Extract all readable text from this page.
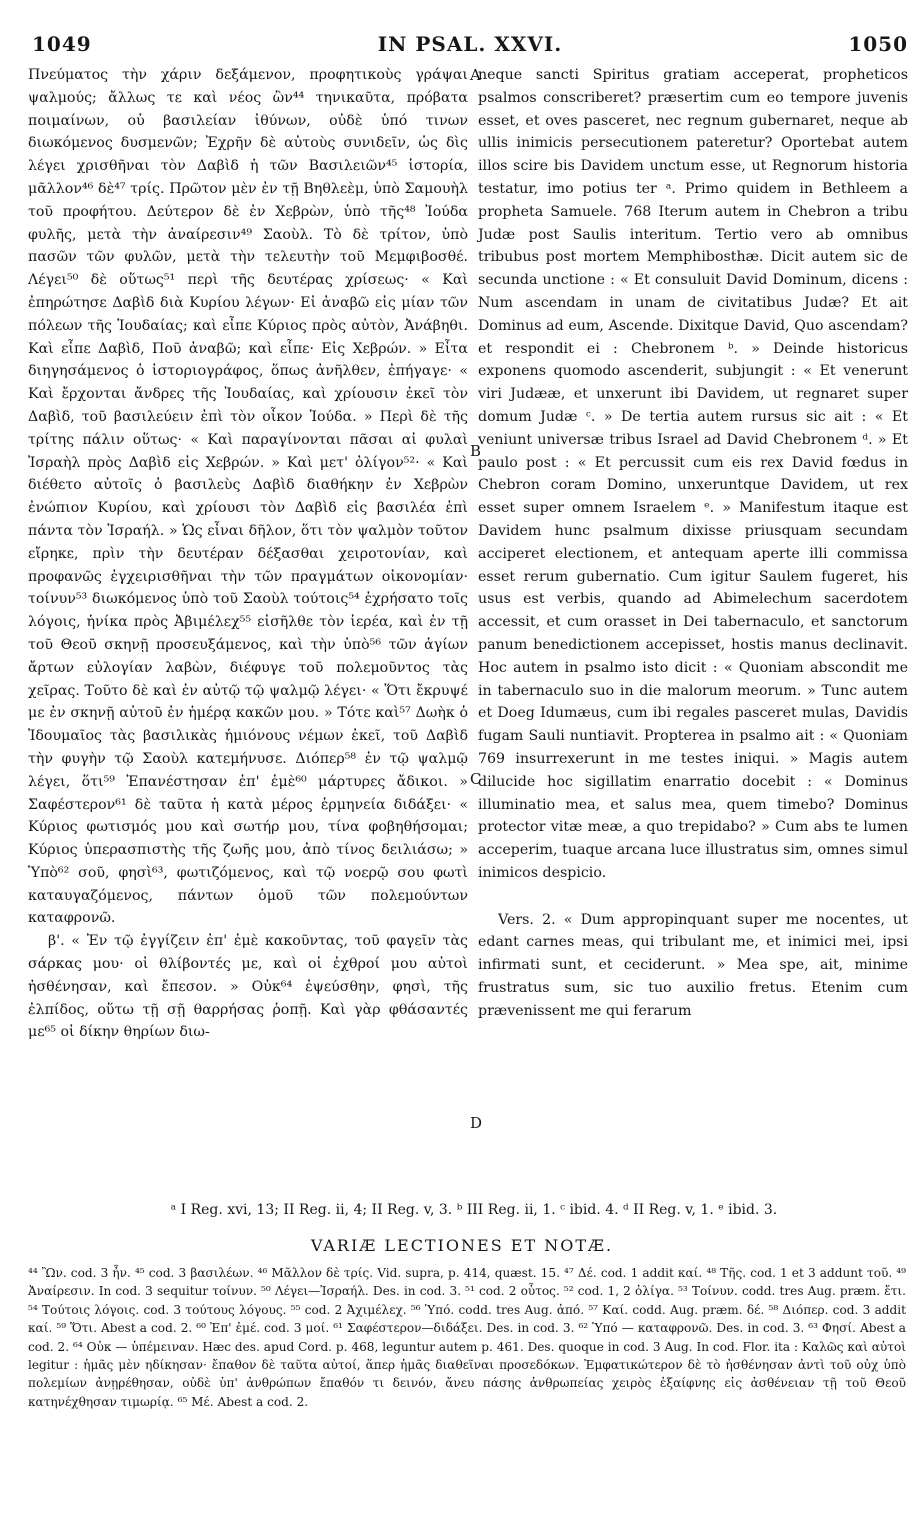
1049	IN PSAL. XXVI.	1050

Πνεύματος τὴν χάριν δεξάμενον, προφητικοὺς γράψαι ψαλμούς; ἄλλως τε καὶ νέος ὢν⁴⁴ τηνικαῦτα, πρόβατα ποιμαίνων, οὐ βασιλείαν ἰθύνων, οὐδὲ ὑπό τινων διωκόμενος δυσμενῶν; Ἐχρῆν δὲ αὐτοὺς συνιδεῖν, ὡς δὶς λέγει χρισθῆναι τὸν Δαβὶδ ἡ τῶν Βασιλειῶν⁴⁵ ἱστορία, μᾶλλον⁴⁶ δὲ⁴⁷ τρίς. Πρῶτον μὲν ἐν τῇ Βηθλεὲμ, ὑπὸ Σαμουὴλ τοῦ προφήτου. Δεύτερον δὲ ἐν Χεβρὼν, ὑπὸ τῆς⁴⁸ Ἰούδα φυλῆς, μετὰ τὴν ἀναίρεσιν⁴⁹ Σαοὺλ. Τὸ δὲ τρίτον, ὑπὸ πασῶν τῶν φυλῶν, μετὰ τὴν τελευτὴν τοῦ Μεμφιβοσθέ. Λέγει⁵⁰ δὲ οὕτως⁵¹ περὶ τῆς δευτέρας χρίσεως· « Καὶ ἐπηρώτησε Δαβὶδ διὰ Κυρίου λέγων· Εἰ ἀναβῶ εἰς μίαν τῶν πόλεων τῆς Ἰουδαίας; καὶ εἶπε Κύριος πρὸς αὐτὸν, Ἀνάβηθι. Καὶ εἶπε Δαβὶδ, Ποῦ ἀναβῶ; καὶ εἶπε· Εἰς Χεβρών. » Εἶτα διηγησάμενος ὁ ἱστοριογράφος, ὅπως ἀνῆλθεν, ἐπήγαγε· « Καὶ ἔρχονται ἄνδρες τῆς Ἰουδαίας, καὶ χρίουσιν ἐκεῖ τὸν Δαβὶδ, τοῦ βασιλεύειν ἐπὶ τὸν οἶκον Ἰούδα. » Περὶ δὲ τῆς τρίτης πάλιν οὕτως· « Καὶ παραγίνονται πᾶσαι αἱ φυλαὶ Ἰσραὴλ πρὸς Δαβὶδ εἰς Χεβρών. » Καὶ μετ' ὀλίγον⁵²· « Καὶ διέθετο αὐτοῖς ὁ βασιλεὺς Δαβὶδ διαθήκην ἐν Χεβρὼν ἐνώπιον Κυρίου, καὶ χρίουσι τὸν Δαβὶδ εἰς βασιλέα ἐπὶ πάντα τὸν Ἰσραήλ. » Ὡς εἶναι δῆλον, ὅτι τὸν ψαλμὸν τοῦτον εἴρηκε, πρὶν τὴν δευτέραν δέξασθαι χειροτονίαν, καὶ προφανῶς ἐγχειρισθῆναι τὴν τῶν πραγμάτων οἰκονομίαν· τοίνυν⁵³ διωκόμενος ὑπὸ τοῦ Σαοὺλ τούτοις⁵⁴ ἐχρήσατο τοῖς λόγοις, ἡνίκα πρὸς Ἀβιμέλεχ⁵⁵ εἰσῆλθε τὸν ἱερέα, καὶ ἐν τῇ τοῦ Θεοῦ σκηνῇ προσευξάμενος, καὶ τὴν ὑπὸ⁵⁶ τῶν ἁγίων ἄρτων εὐλογίαν λαβὼν, διέφυγε τοῦ πολεμοῦντος τὰς χεῖρας. Τοῦτο δὲ καὶ ἐν αὐτῷ τῷ ψαλμῷ λέγει· « Ὅτι ἔκρυψέ με ἐν σκηνῇ αὐτοῦ ἐν ἡμέρᾳ κακῶν μου. » Τότε καὶ⁵⁷ Δωὴκ ὁ Ἰδουμαῖος τὰς βασιλικὰς ἡμιόνους νέμων ἐκεῖ, τοῦ Δαβὶδ τὴν φυγὴν τῷ Σαοὺλ κατεμήνυσε. Διόπερ⁵⁸ ἐν τῷ ψαλμῷ λέγει, ὅτι⁵⁹ Ἐπανέστησαν ἐπ' ἐμὲ⁶⁰ μάρτυρες ἄδικοι. » Σαφέστερον⁶¹ δὲ ταῦτα ἡ κατὰ μέρος ἑρμηνεία διδάξει· « Κύριος φωτισμός μου καὶ σωτήρ μου, τίνα φοβηθήσομαι; Κύριος ὑπερασπιστὴς τῆς ζωῆς μου, ἀπὸ τίνος δειλιάσω; » Ὑπὸ⁶² σοῦ, φησὶ⁶³, φωτιζόμενος, καὶ τῷ νοερῷ σου φωτὶ καταυγαζόμενος, πάντων ὁμοῦ τῶν πολεμούντων καταφρονῶ.

β'. « Ἐν τῷ ἐγγίζειν ἐπ' ἐμὲ κακοῦντας, τοῦ φαγεῖν τὰς σάρκας μου· οἱ θλίβοντές με, καὶ οἱ ἐχθροί μου αὐτοὶ ἠσθένησαν, καὶ ἔπεσον. » Οὐκ⁶⁴ ἐψεύσθην, φησὶ, τῆς ἐλπίδος, οὕτω τῇ σῇ θαρρήσας ῥοπῇ. Καὶ γὰρ φθάσαντές με⁶⁵ οἱ δίκην θηρίων διω-

A
B
C
D

neque sancti Spiritus gratiam acceperat, propheticos psalmos conscriberet? præsertim cum eo tempore juvenis esset, et oves pasceret, nec regnum gubernaret, neque ab ullis inimicis persecutionem pateretur? Oportebat autem illos scire bis Davidem unctum esse, ut Regnorum historia testatur, imo potius ter ᵃ. Primo quidem in Bethleem a propheta Samuele. 768 Iterum autem in Chebron a tribu Judæ post Saulis interitum. Tertio vero ab omnibus tribubus post mortem Memphibosthæ. Dicit autem sic de secunda unctione : « Et consuluit David Dominum, dicens : Num ascendam in unam de civitatibus Judæ? Et ait Dominus ad eum, Ascende. Dixitque David, Quo ascendam? et respondit ei : Chebronem ᵇ. » Deinde historicus exponens quomodo ascenderit, subjungit : « Et venerunt viri Judææ, et unxerunt ibi Davidem, ut regnaret super domum Judæ ᶜ. » De tertia autem rursus sic ait : « Et veniunt universæ tribus Israel ad David Chebronem ᵈ. » Et paulo post : « Et percussit cum eis rex David fœdus in Chebron coram Domino, unxeruntque Davidem, ut rex esset super omnem Israelem ᵉ. » Manifestum itaque est Davidem hunc psalmum dixisse priusquam secundam acciperet electionem, et antequam aperte illi commissa esset rerum gubernatio. Cum igitur Saulem fugeret, his usus est verbis, quando ad Abimelechum sacerdotem accessit, et cum orasset in Dei tabernaculo, et sanctorum panum benedictionem accepisset, hostis manus declinavit. Hoc autem in psalmo isto dicit : « Quoniam abscondit me in tabernaculo suo in die malorum meorum. » Tunc autem et Doeg Idumæus, cum ibi regales pasceret mulas, Davidis fugam Sauli nuntiavit. Propterea in psalmo ait : « Quoniam 769 insurrexerunt in me testes iniqui. » Magis autem dilucide hoc sigillatim enarratio docebit : « Dominus illuminatio mea, et salus mea, quem timebo? Dominus protector vitæ meæ, a quo trepidabo? » Cum abs te lumen acceperim, tuaque arcana luce illustratus sim, omnes simul inimicos despicio.

Vers. 2. « Dum appropinquant super me nocentes, ut edant carnes meas, qui tribulant me, et inimici mei, ipsi infirmati sunt, et ceciderunt. » Mea spe, ait, minime frustratus sum, sic tuo auxilio fretus. Etenim cum prævenissent me qui ferarum

ᵃ I Reg. xvi, 13; II Reg. ii, 4; II Reg. v, 3. ᵇ III Reg. ii, 1. ᶜ ibid. 4. ᵈ II Reg. v, 1. ᵉ ibid. 3.
VARIÆ LECTIONES ET NOTÆ.
⁴⁴ Ὢν. cod. 3 ἦν. ⁴⁵ cod. 3 βασιλέων. ⁴⁶ Μᾶλλον δὲ τρίς. Vid. supra, p. 414, quæst. 15. ⁴⁷ Δέ. cod. 1 addit καί. ⁴⁸ Τῆς. cod. 1 et 3 addunt τοῦ. ⁴⁹ Ἀναίρεσιν. In cod. 3 sequitur τοίνυν. ⁵⁰ Λέγει—Ἰσραήλ. Des. in cod. 3. ⁵¹ cod. 2 οὗτος. ⁵² cod. 1, 2 ὀλίγα. ⁵³ Τοίνυν. codd. tres Aug. præm. ἔτι. ⁵⁴ Τούτοις λόγοις. cod. 3 τούτους λόγους. ⁵⁵ cod. 2 Ἀχιμέλεχ. ⁵⁶ Ὑπό. codd. tres Aug. ἀπό. ⁵⁷ Καί. codd. Aug. præm. δέ. ⁵⁸ Διόπερ. cod. 3 addit καί. ⁵⁹ Ὅτι. Abest a cod. 2. ⁶⁰ Ἐπ' ἐμέ. cod. 3 μοί. ⁶¹ Σαφέστερον—διδάξει. Des. in cod. 3. ⁶² Ὑπό — καταφρονῶ. Des. in cod. 3. ⁶³ Φησί. Abest a cod. 2. ⁶⁴ Οὐκ — ὑπέμειναν. Hæc des. apud Cord. p. 468, leguntur autem p. 461. Des. quoque in cod. 3 Aug. In cod. Flor. ita : Καλῶς καὶ αὐτοὶ legitur : ἡμᾶς μὲν ηδίκησαν· ἔπαθον δὲ ταῦτα αὐτοί, ἅπερ ἡμᾶς διαθεῖναι προσεδόκων. Ἐμφατικώτερον δὲ τὸ ἠσθένησαν ἀντὶ τοῦ οὐχ ὑπὸ πολεμίων ἀνῃρέθησαν, οὐδὲ ὑπ' ἀνθρώπων ἔπαθόν τι δεινόν, ἄνευ πάσης ἀνθρωπείας χειρὸς ἐξαίφνης εἰς ἀσθένειαν τῇ τοῦ Θεοῦ κατηνέχθησαν τιμωρίᾳ. ⁶⁵ Μέ. Abest a cod. 2.
